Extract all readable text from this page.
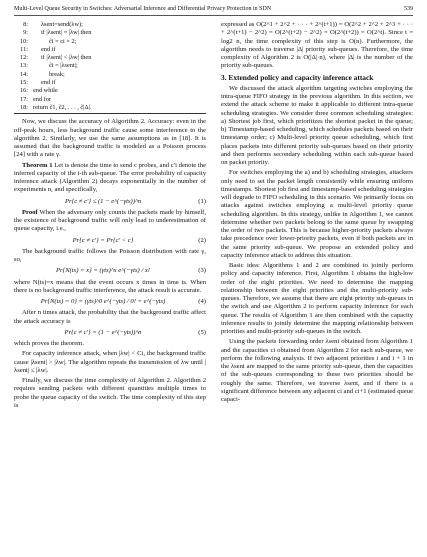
Multi-Level Queue Security in Switches: Adversarial Inference and Differential Privacy Protection in SDN	539
8:	λsent=send(λw);
9:	if |λsent| = |λw| then
10:	c̃i = ci × 2;
11:	end if
12:	if |λsent| < |λw| then
13:	c̃i = |λsent|;
14:	break;
15:	end if
16: end while
17: end for
18: return c̃1, c̃2, . . . , c̃|Δ|.

Now, we discuss the accuracy of Algorithm 2. Accuracy: even in the off-peak hours, less background traffic cause some interference to the algorithm 2. Similarly, we use the same assumptions as in [18]. It is assumed that the background traffic is modeled as a Poisson process [24] with a rate γ.

Theorem 1 Let ts denote the time to send c probes, and c′i denote the inferred capacity of the i-th sub-queue. The error probability of capacity inference attack (Algorithm 2) decays exponentially in the number of experiments n, and specifically,

Pr{c ≠ c′} ≤ (1 − e^(−γts))^n	(1)

Proof When the adversary only counts the packets made by himself, the existence of background traffic will only lead to underestimation of queue capacity, i.e.,

Pr{c ≠ c′} = Pr{c′ < c}	(2)

The background traffic follows the Poisson distribution with rate γ, so,

Pr{N(ts) = x} = (γts)^x e^(−γts) / x!	(3)

where N(ts)=x means that the event occurs x times in time ts. When there is no background traffic interference, the attack result is accurate.

Pr{N(ts) = 0} = (γts)^0 e^(−γts) / 0! = e^(−γts)	(4)

After n times attack, the probability that the background traffic affect the attack accuracy is

Pr{c ≠ c′} = (1 − e^(−γts))^n	(5)

which proves the theorem.

For capacity inference attack, when |λw| < Ci, the background traffic cause |λsent| > |λw|. The algorithm repeats the transmission of λw until |λsent| ≤ |λw|.

Finally, we discuss the time complexity of Algorithm 2. Algorithm 2 requires sending packets with different quantities multiple times to probe the queue capacity of the switch. The time complexity of this step is

expressed as O(2^1 + 2^2 + · · · + 2^(t+1)) = O(2^2 + 2^2 + 2^3 + · · · + 2^(t+1) − 2^2) = O(2^(t+2) − 2^2) = O(2^(t+2)) = O(2^t). Since t = log2 n, the time complexity of this step is O(n). Furthermore, the algorithm needs to traverse |Δ| priority sub-queues. Therefore, the time complexity of Algorithm 2 is O(|Δ|·n), where |Δ| is the number of the priority sub-queues.

3. Extended policy and capacity inference attack

We discussed the attack algorithm targeting switches employing the intra-queue FIFO strategy in the previous algorithm. In this section, we extend the attack scheme to make it applicable to different intra-queue scheduling strategies. We consider three common scheduling strategies: a) Shortest job first, which prioritizes the shortest packet in the queue; b) Timestamp-based scheduling, which schedules packets based on their timestamp order; c) Multi-level priority queue scheduling, which first places packets into different priority sub-queues based on their priority and then performs secondary scheduling within each sub-queue based on packet priority.

For switches employing the a) and b) scheduling strategies, attackers only need to set the packet length consistently while ensuring uniform timestamps. Shortest job first and timestamp-based scheduling strategies will degrade to FIFO scheduling in this scenario. We primarily focus on attacks against switches employing a multi-level priority queue scheduling algorithm. In this strategy, unlike in Algorithm 1, we cannot determine whether two packets belong to the same queue by swapping the order of two packets. This is because higher-priority packets always take precedence over lower-priority packets, even if both packets are in the same priority sub-queue. We propose an extended policy and capacity inference attack to address this situation.

Basic idea: Algorithms 1 and 2 are combined to jointly perform policy and capacity inference. First, Algorithm 1 obtains the high-low order of the eight priorities. We need to determine the mapping relationship between the eight priorities and the multi-priority sub-queues. Therefore, we assume that there are eight priority sub-queues in the switch and use Algorithm 2 to perform capacity inference for each queue. The results of Algorithm 1 are then combined with the capacity inference results to jointly determine the mapping relationship between priorities and multi-priority sub-queues in the switch.

Using the packets forwarding order λsent obtained from Algorithm 1 and the capacities ci obtained from Algorithm 2 for each sub-queue, we perform the following analysis. If two adjacent priorities i and i + 1 in the λsent are mapped to the same priority sub-queue, then the capacities of the sub-queues corresponding to these two priorities should be roughly the same. Therefore, we traverse λsent, and if there is a significant difference between any adjacent ci and ci+1 (estimated queue capaci-
